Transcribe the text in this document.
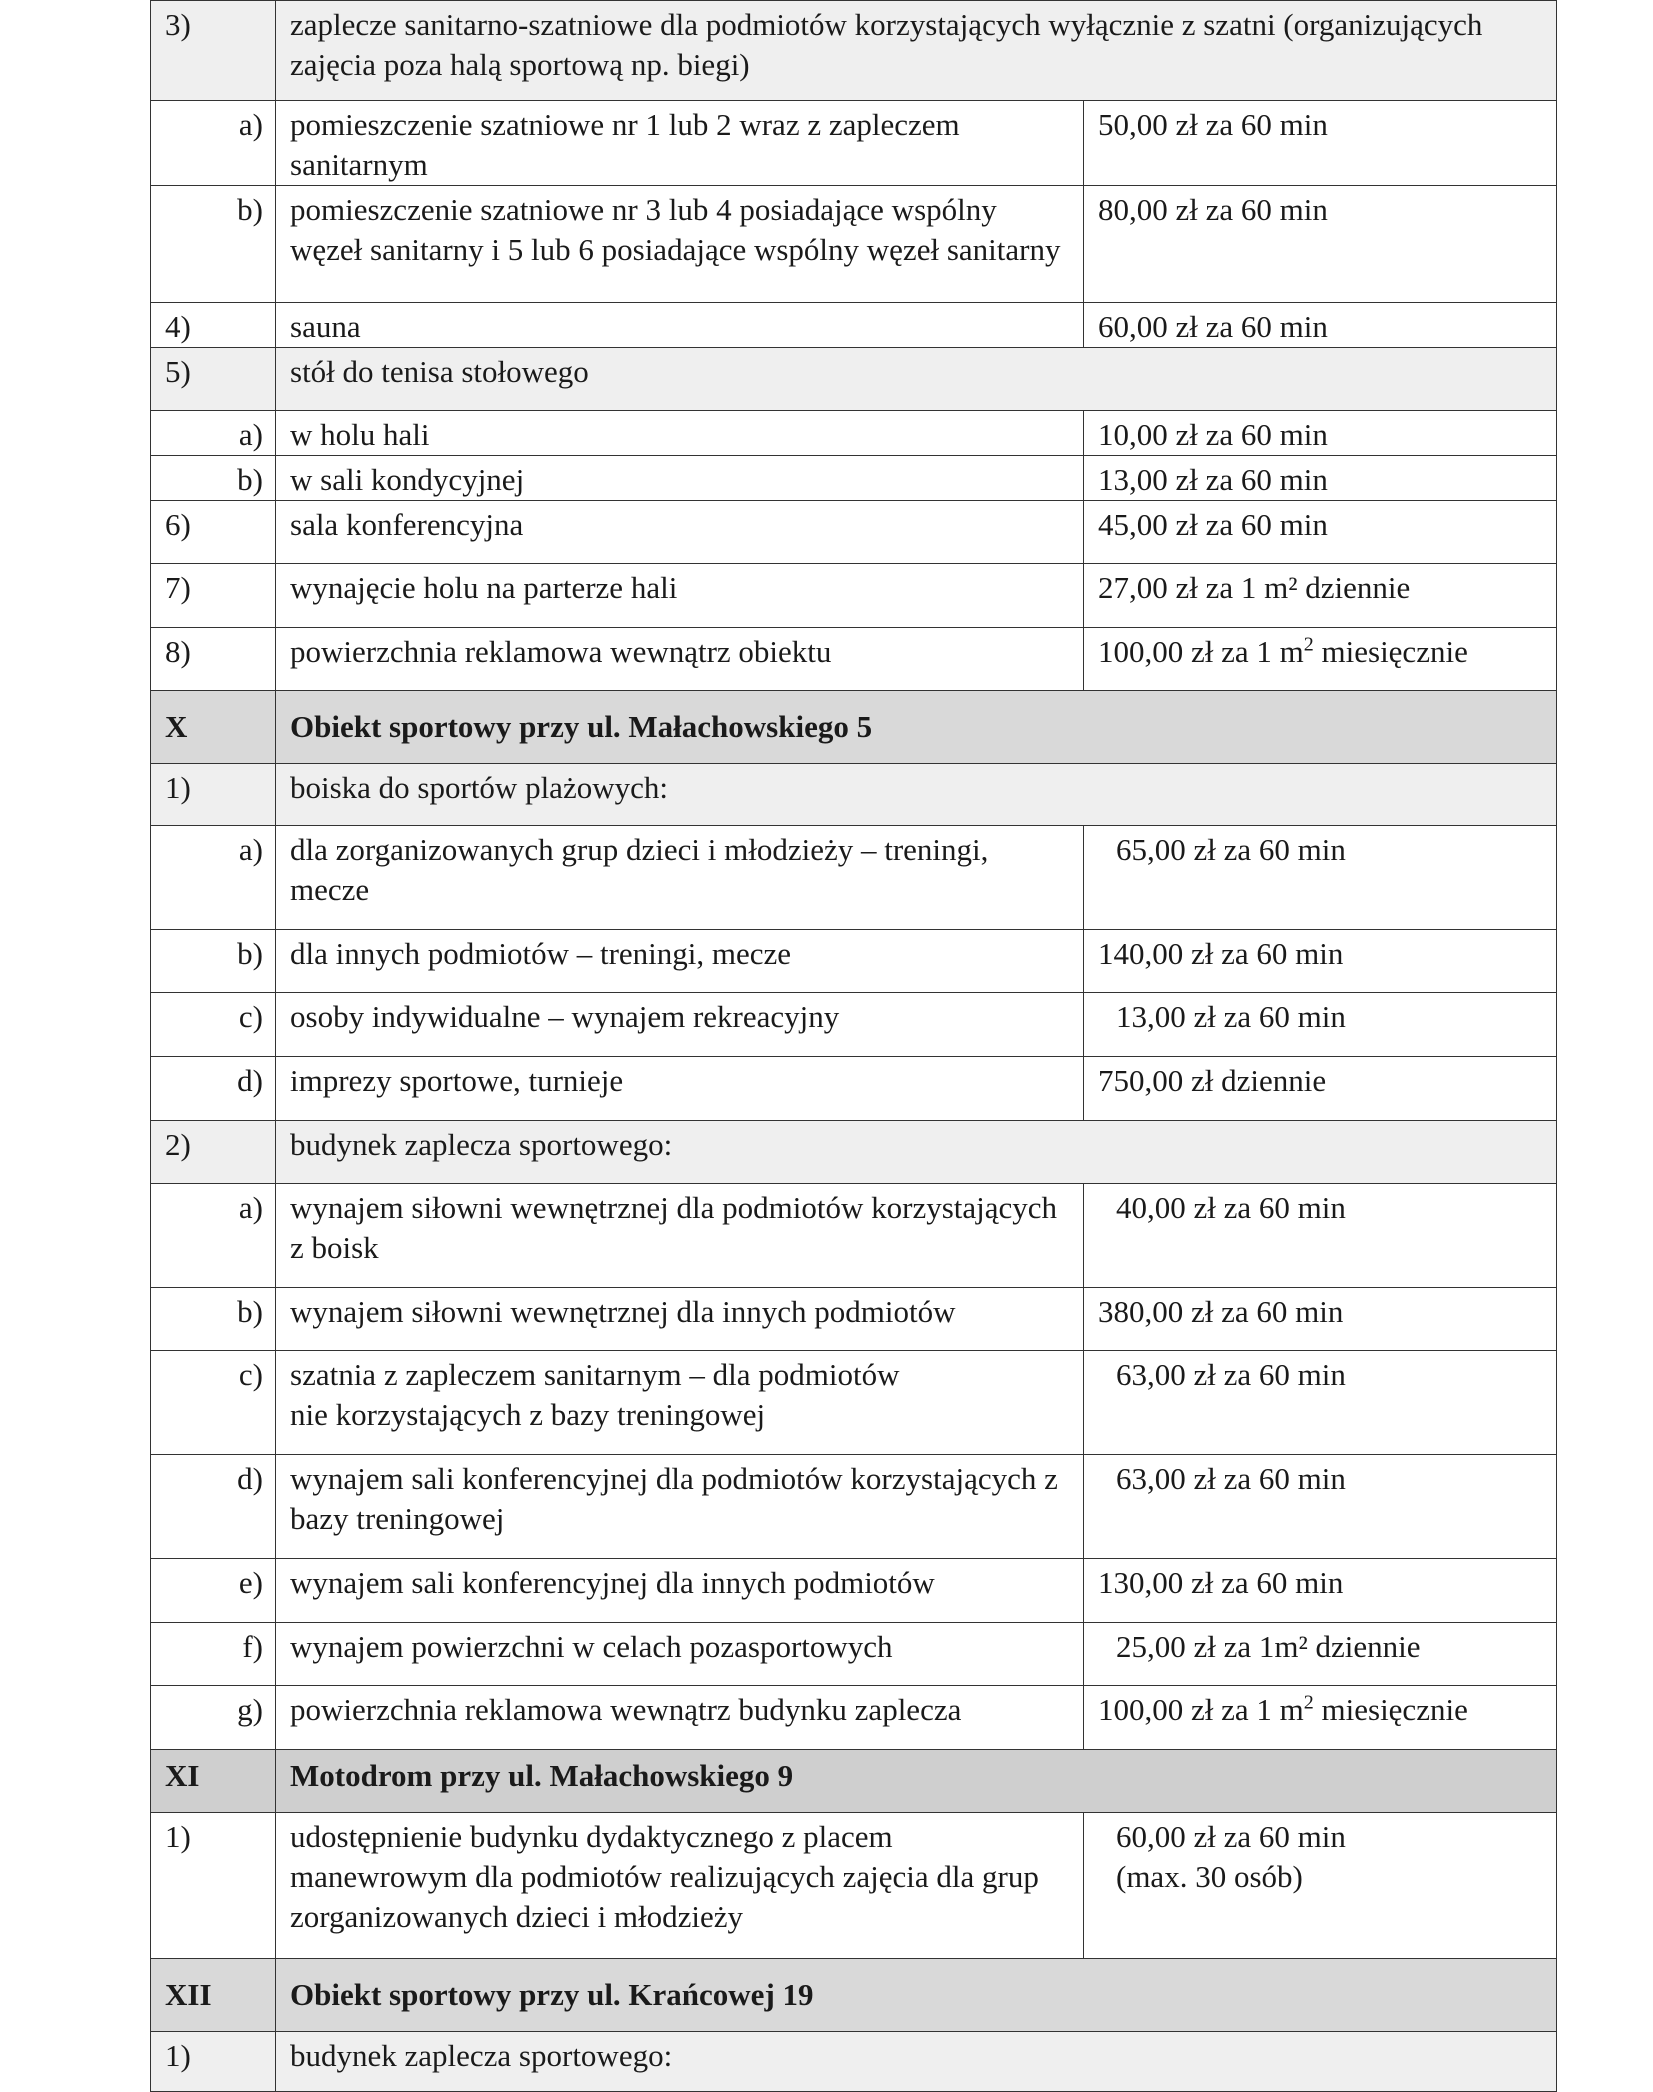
3)	zaplecze sanitarno-szatniowe dla podmiotów korzystających wyłącznie z szatni (organizujących zajęcia poza halą sportową np. biegi)	
a)	pomieszczenie szatniowe nr 1 lub 2 wraz z zapleczem sanitarnym	50,00 zł za 60 min
b)	pomieszczenie szatniowe nr 3 lub 4 posiadające wspólny węzeł sanitarny i 5 lub 6 posiadające wspólny węzeł sanitarny	80,00 zł za 60 min
4)	sauna	60,00 zł za 60 min
5)	stół do tenisa stołowego	
a)	w holu hali	10,00 zł za 60 min
b)	w sali kondycyjnej	13,00 zł za 60 min
6)	sala konferencyjna	45,00 zł za 60 min
7)	wynajęcie holu na parterze hali	27,00 zł za 1 m² dziennie
8)	powierzchnia reklamowa wewnątrz obiektu	100,00 zł za 1 $m^2$ miesięcznie
X	Obiekt sportowy przy ul. Małachowskiego 5	
1)	boiska do sportów plażowych:	
a)	dla zorganizowanych grup dzieci i młodzieży – treningi, mecze	65,00 zł za 60 min
b)	dla innych podmiotów – treningi, mecze	140,00 zł za 60 min
c)	osoby indywidualne – wynajem rekreacyjny	13,00 zł za 60 min
d)	imprezy sportowe, turnieje	750,00 zł dziennie
2)	budynek zaplecza sportowego:	
a)	wynajem siłowni wewnętrznej dla podmiotów korzystających z boisk	40,00 zł za 60 min
b)	wynajem siłowni wewnętrznej dla innych podmiotów	380,00 zł za 60 min
c)	szatnia z zapleczem sanitarnym – dla podmiotów
nie korzystających z bazy treningowej	63,00 zł za 60 min
d)	wynajem sali konferencyjnej dla podmiotów korzystających z bazy treningowej	63,00 zł za 60 min
e)	wynajem sali konferencyjnej dla innych podmiotów	130,00 zł za 60 min
f)	wynajem powierzchni w celach pozasportowych	25,00 zł za 1m² dziennie
g)	powierzchnia reklamowa wewnątrz budynku zaplecza	100,00 zł za 1 $m^2$ miesięcznie
XI	Motodrom przy ul. Małachowskiego 9	
1)	udostępnienie budynku dydaktycznego z placem manewrowym dla podmiotów realizujących zajęcia dla grup zorganizowanych dzieci i młodzieży	60,00 zł za 60 min
(max. 30 osób)
XII	Obiekt sportowy przy ul. Krańcowej 19	
1)	budynek zaplecza sportowego:	
